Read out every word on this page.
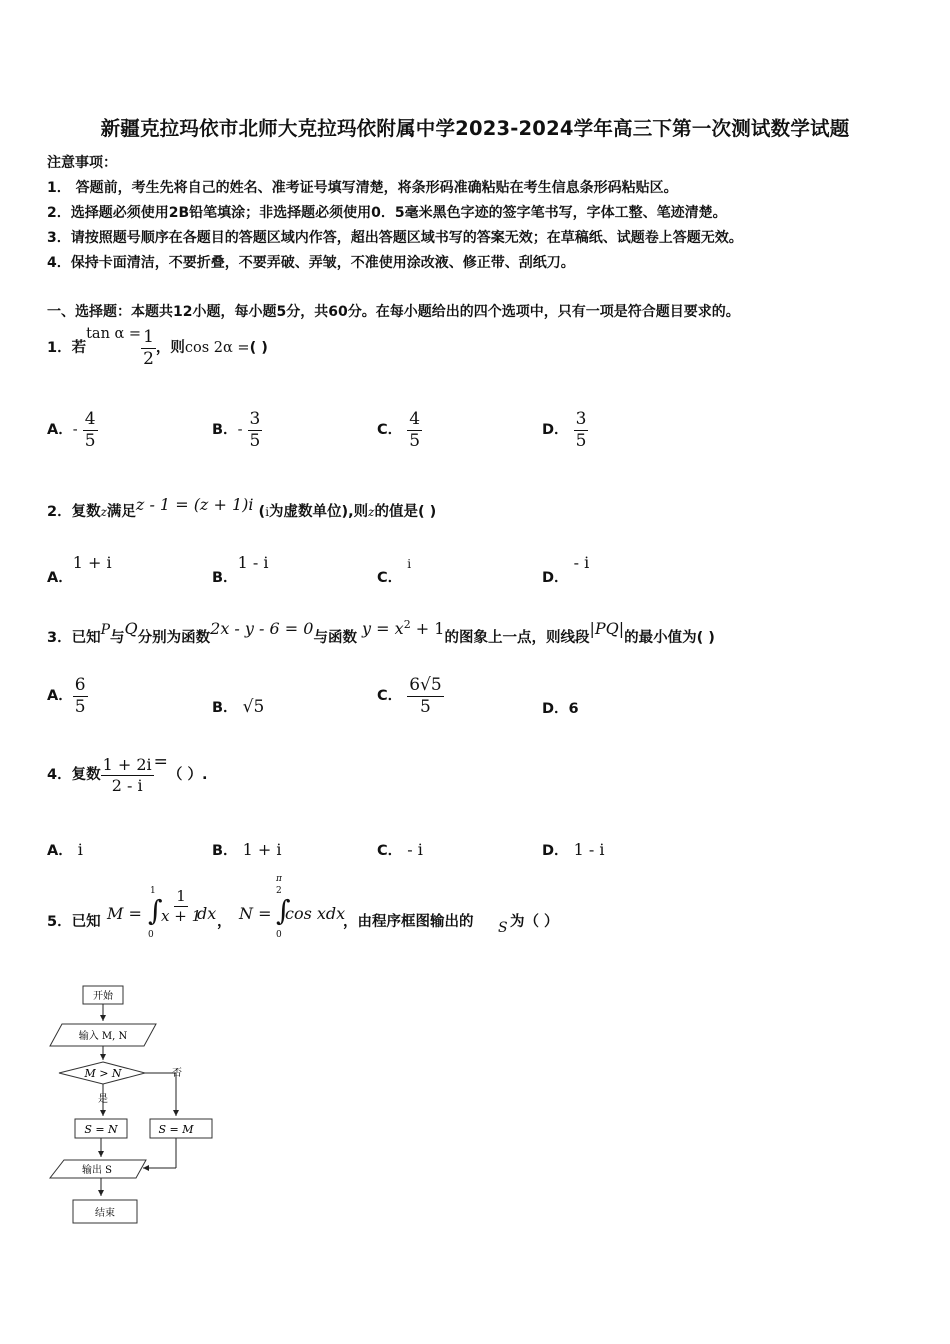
新疆克拉玛依市北师大克拉玛依附属中学2023-2024学年高三下第一次测试数学试题
注意事项：
1． 答题前，考生先将自己的姓名、准考证号填写清楚，将条形码准确粘贴在考生信息条形码粘贴区。
2．选择题必须使用2B铅笔填涂；非选择题必须使用0．5毫米黑色字迹的签字笔书写，字体工整、笔迹清楚。
3．请按照题号顺序在各题目的答题区域内作答，超出答题区域书写的答案无效；在草稿纸、试题卷上答题无效。
4．保持卡面清洁，不要折叠，不要弄破、弄皱，不准使用涂改液、修正带、刮纸刀。
一、选择题：本题共12小题，每小题5分，共60分。在每小题给出的四个选项中，只有一项是符合题目要求的。
1．若$\tan \alpha = \frac{1}{2}$ ，则cos 2α =( )
A．- $\frac{4}{5}$	B．- $\frac{3}{5}$	C． $\frac{4}{5}$	D． $\frac{3}{5}$
2．复数z满足z - 1 = (z + 1)i (i为虚数单位),则z的值是( )
A．1 + i
B．1 - i
C． i
D． - i
3．已知P与Q分别为函数2x - y - 6 = 0与函数 $y = x^2 + 1$的图象上一点，则线段|PQ|的最小值为( )
A． $\frac{6}{5}$	B． √5
C． $\frac{6√5}{5}$	D．6
4．复数 $\frac{1 + 2i}{2 - i}$ =（ ）.
A． i	B． 1 + i	C． - i	D． 1 - i
5．已知 M = ∫
1
0
$\frac{1}{x + 1}$
dx ， N = ∫
π
2
0
cos xdx
，由程序框图输出的 S 为（ ）
开始
输入 M, N
M > N	否
是
S = N	S = M
输出 S
结束
